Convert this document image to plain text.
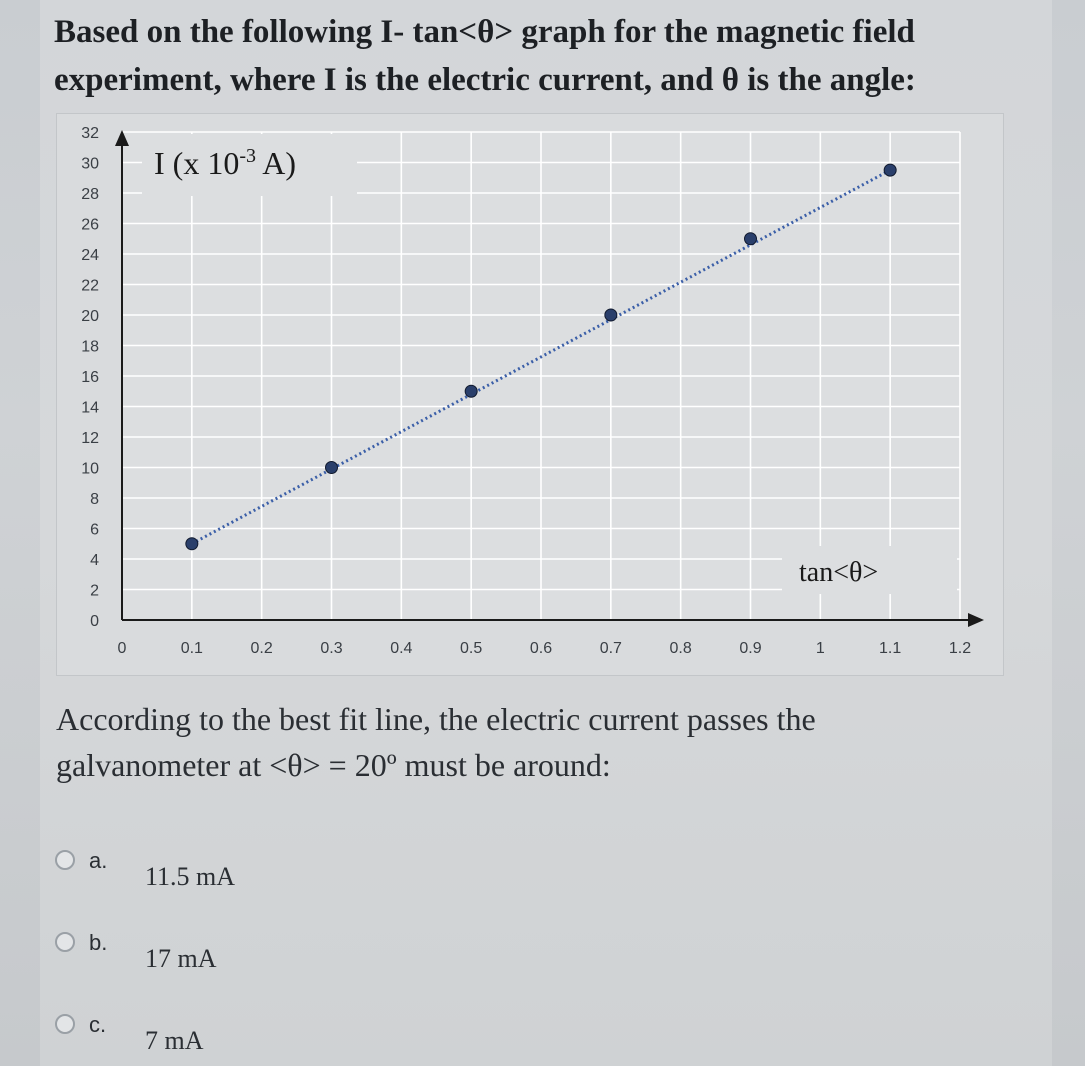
Based on the following I- tan<θ> graph for the magnetic field experiment, where I is the electric current, and θ is the angle:

0
2
4
6
8
10
12
14
16
18
20
22
24
26
28
30
32
0	0.1	0.2	0.3	0.4	0.5	0.6	0.7	0.8	0.9	1	1.1	1.2
I (x $10^{-3}$ A)
tan<θ>

According to the best fit line, the electric current passes the galvanometer at <θ> = 20º must be around:

a.
11.5 mA
b.
17 mA
c.
7 mA
